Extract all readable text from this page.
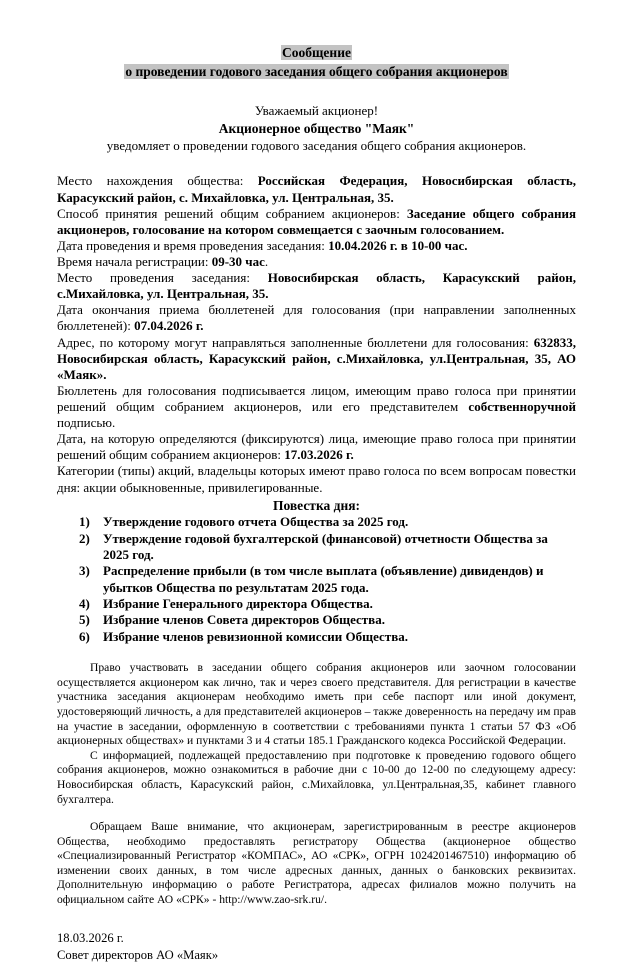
Сообщение
о проведении годового заседания общего собрания акционеров
Уважаемый акционер!
Акционерное общество "Маяк"
уведомляет о проведении годового заседания общего собрания акционеров.

Место нахождения общества: Российская Федерация, Новосибирская область, Карасукский район, с. Михайловка, ул. Центральная, 35.

Способ принятия решений общим собранием акционеров: Заседание общего собрания акционеров, голосование на котором совмещается с заочным голосованием.

Дата проведения и время проведения заседания: 10.04.2026 г. в 10-00 час.

Время начала регистрации: 09-30 час.

Место проведения заседания: Новосибирская область, Карасукский район, с.Михайловка, ул. Центральная, 35.

Дата окончания приема бюллетеней для голосования (при направлении заполненных бюллетеней): 07.04.2026 г.

Адрес, по которому могут направляться заполненные бюллетени для голосования: 632833, Новосибирская область, Карасукский район, с.Михайловка, ул.Центральная, 35, АО «Маяк».

Бюллетень для голосования подписывается лицом, имеющим право голоса при принятии решений общим собранием акционеров, или его представителем собственноручной подписью.

Дата, на которую определяются (фиксируются) лица, имеющие право голоса при принятии решений общим собранием акционеров: 17.03.2026 г.

Категории (типы) акций, владельцы которых имеют право голоса по всем вопросам повестки дня: акции обыкновенные, привилегированные.

Повестка дня:
1)	Утверждение годового отчета Общества за 2025 год.
2)	Утверждение годовой бухгалтерской (финансовой) отчетности Общества за 2025 год.
3)	Распределение прибыли (в том числе выплата (объявление) дивидендов) и убытков Общества по результатам 2025 года.
4)	Избрание Генерального директора Общества.
5)	Избрание членов Совета директоров Общества.
6)	Избрание членов ревизионной комиссии Общества.

Право участвовать в заседании общего собрания акционеров или заочном голосовании осуществляется акционером как лично, так и через своего представителя. Для регистрации в качестве участника заседания акционерам необходимо иметь при себе паспорт или иной документ, удостоверяющий личность, а для представителей акционеров – также доверенность на передачу им прав на участие в заседании, оформленную в соответствии с требованиями пункта 1 статьи 57 ФЗ «Об акционерных обществах» и пунктами 3 и 4 статьи 185.1 Гражданского кодекса Российской Федерации.

С информацией, подлежащей предоставлению при подготовке к проведению годового общего собрания акционеров, можно ознакомиться в рабочие дни с 10-00 до 12-00 по следующему адресу: Новосибирская область, Карасукский район, с.Михайловка, ул.Центральная,35, кабинет главного бухгалтера.

Обращаем Ваше внимание, что акционерам, зарегистрированным в реестре акционеров Общества, необходимо предоставлять регистратору Общества (акционерное общество «Специализированный Регистратор «КОМПАС», АО «СРК», ОГРН 1024201467510) информацию об изменении своих данных, в том числе адресных данных, данных о банковских реквизитах. Дополнительную информацию о работе Регистратора, адресах филиалов можно получить на официальном сайте АО «СРК» - http://www.zao-srk.ru/.

18.03.2026 г.
Совет директоров АО «Маяк»
